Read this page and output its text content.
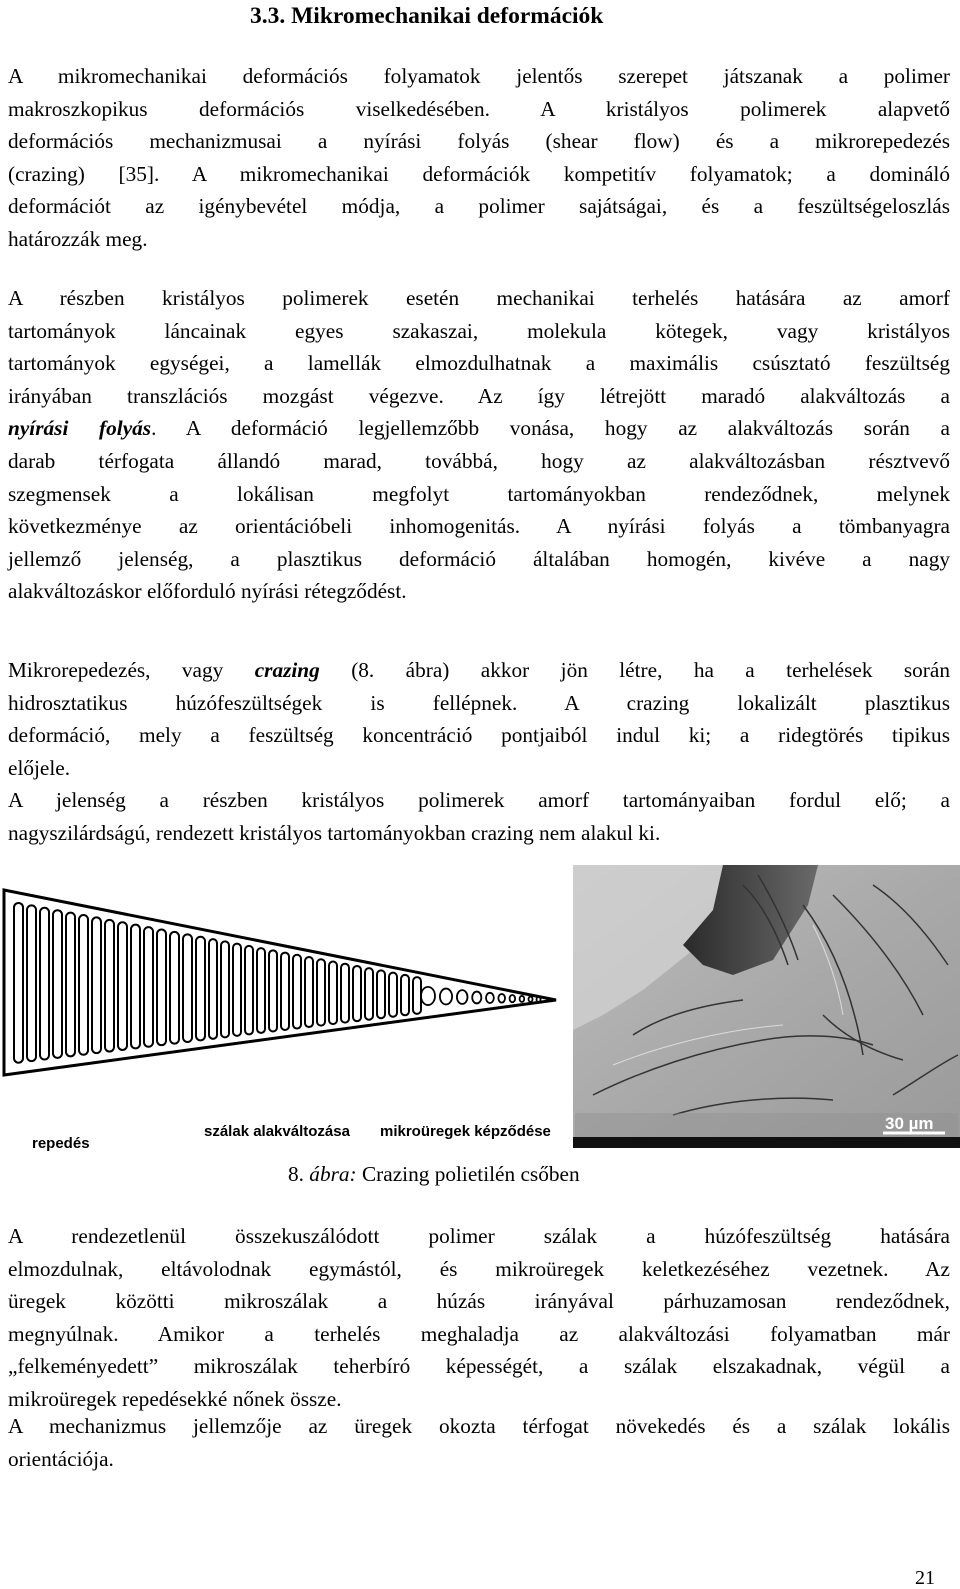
3.3. Mikromechanikai deformációk
A mikromechanikai deformációs folyamatok jelentős szerepet játszanak a polimer
makroszkopikus deformációs viselkedésében. A kristályos polimerek alapvető
deformációs mechanizmusai a nyírási folyás (shear flow) és a mikrorepedezés
(crazing) [35]. A mikromechanikai deformációk kompetitív folyamatok; a domináló
deformációt az igénybevétel módja, a polimer sajátságai, és a feszültségeloszlás
határozzák meg.
A részben kristályos polimerek esetén mechanikai terhelés hatására az amorf
tartományok láncainak egyes szakaszai, molekula kötegek, vagy kristályos
tartományok egységei, a lamellák elmozdulhatnak a maximális csúsztató feszültség
irányában transzlációs mozgást végezve. Az így létrejött maradó alakváltozás a
nyírási folyás. A deformáció legjellemzőbb vonása, hogy az alakváltozás során a
darab térfogata állandó marad, továbbá, hogy az alakváltozásban résztvevő
szegmensek a lokálisan megfolyt tartományokban rendeződnek, melynek
következménye az orientációbeli inhomogenitás. A nyírási folyás a tömbanyagra
jellemző jelenség, a plasztikus deformáció általában homogén, kivéve a nagy
alakváltozáskor előforduló nyírási rétegződést.
Mikrorepedezés, vagy crazing (8. ábra) akkor jön létre, ha a terhelések során
hidrosztatikus húzófeszültségek is fellépnek. A crazing lokalizált plasztikus
deformáció, mely a feszültség koncentráció pontjaiból indul ki; a ridegtörés tipikus
előjele.
A jelenség a részben kristályos polimerek amorf tartományaiban fordul elő; a
nagyszilárdságú, rendezett kristályos tartományokban crazing nem alakul ki.
repedés
szálak alakváltozása mikroüregek képződése	30 µm
8. ábra: Crazing polietilén csőben
A rendezetlenül összekuszálódott polimer szálak a húzófeszültség hatására
elmozdulnak, eltávolodnak egymástól, és mikroüregek keletkezéséhez vezetnek. Az
üregek közötti mikroszálak a húzás irányával párhuzamosan rendeződnek,
megnyúlnak. Amikor a terhelés meghaladja az alakváltozási folyamatban már
„felkeményedett” mikroszálak teherbíró képességét, a szálak elszakadnak, végül a
mikroüregek repedésekké nőnek össze.
A mechanizmus jellemzője az üregek okozta térfogat növekedés és a szálak lokális
orientációja.
21
